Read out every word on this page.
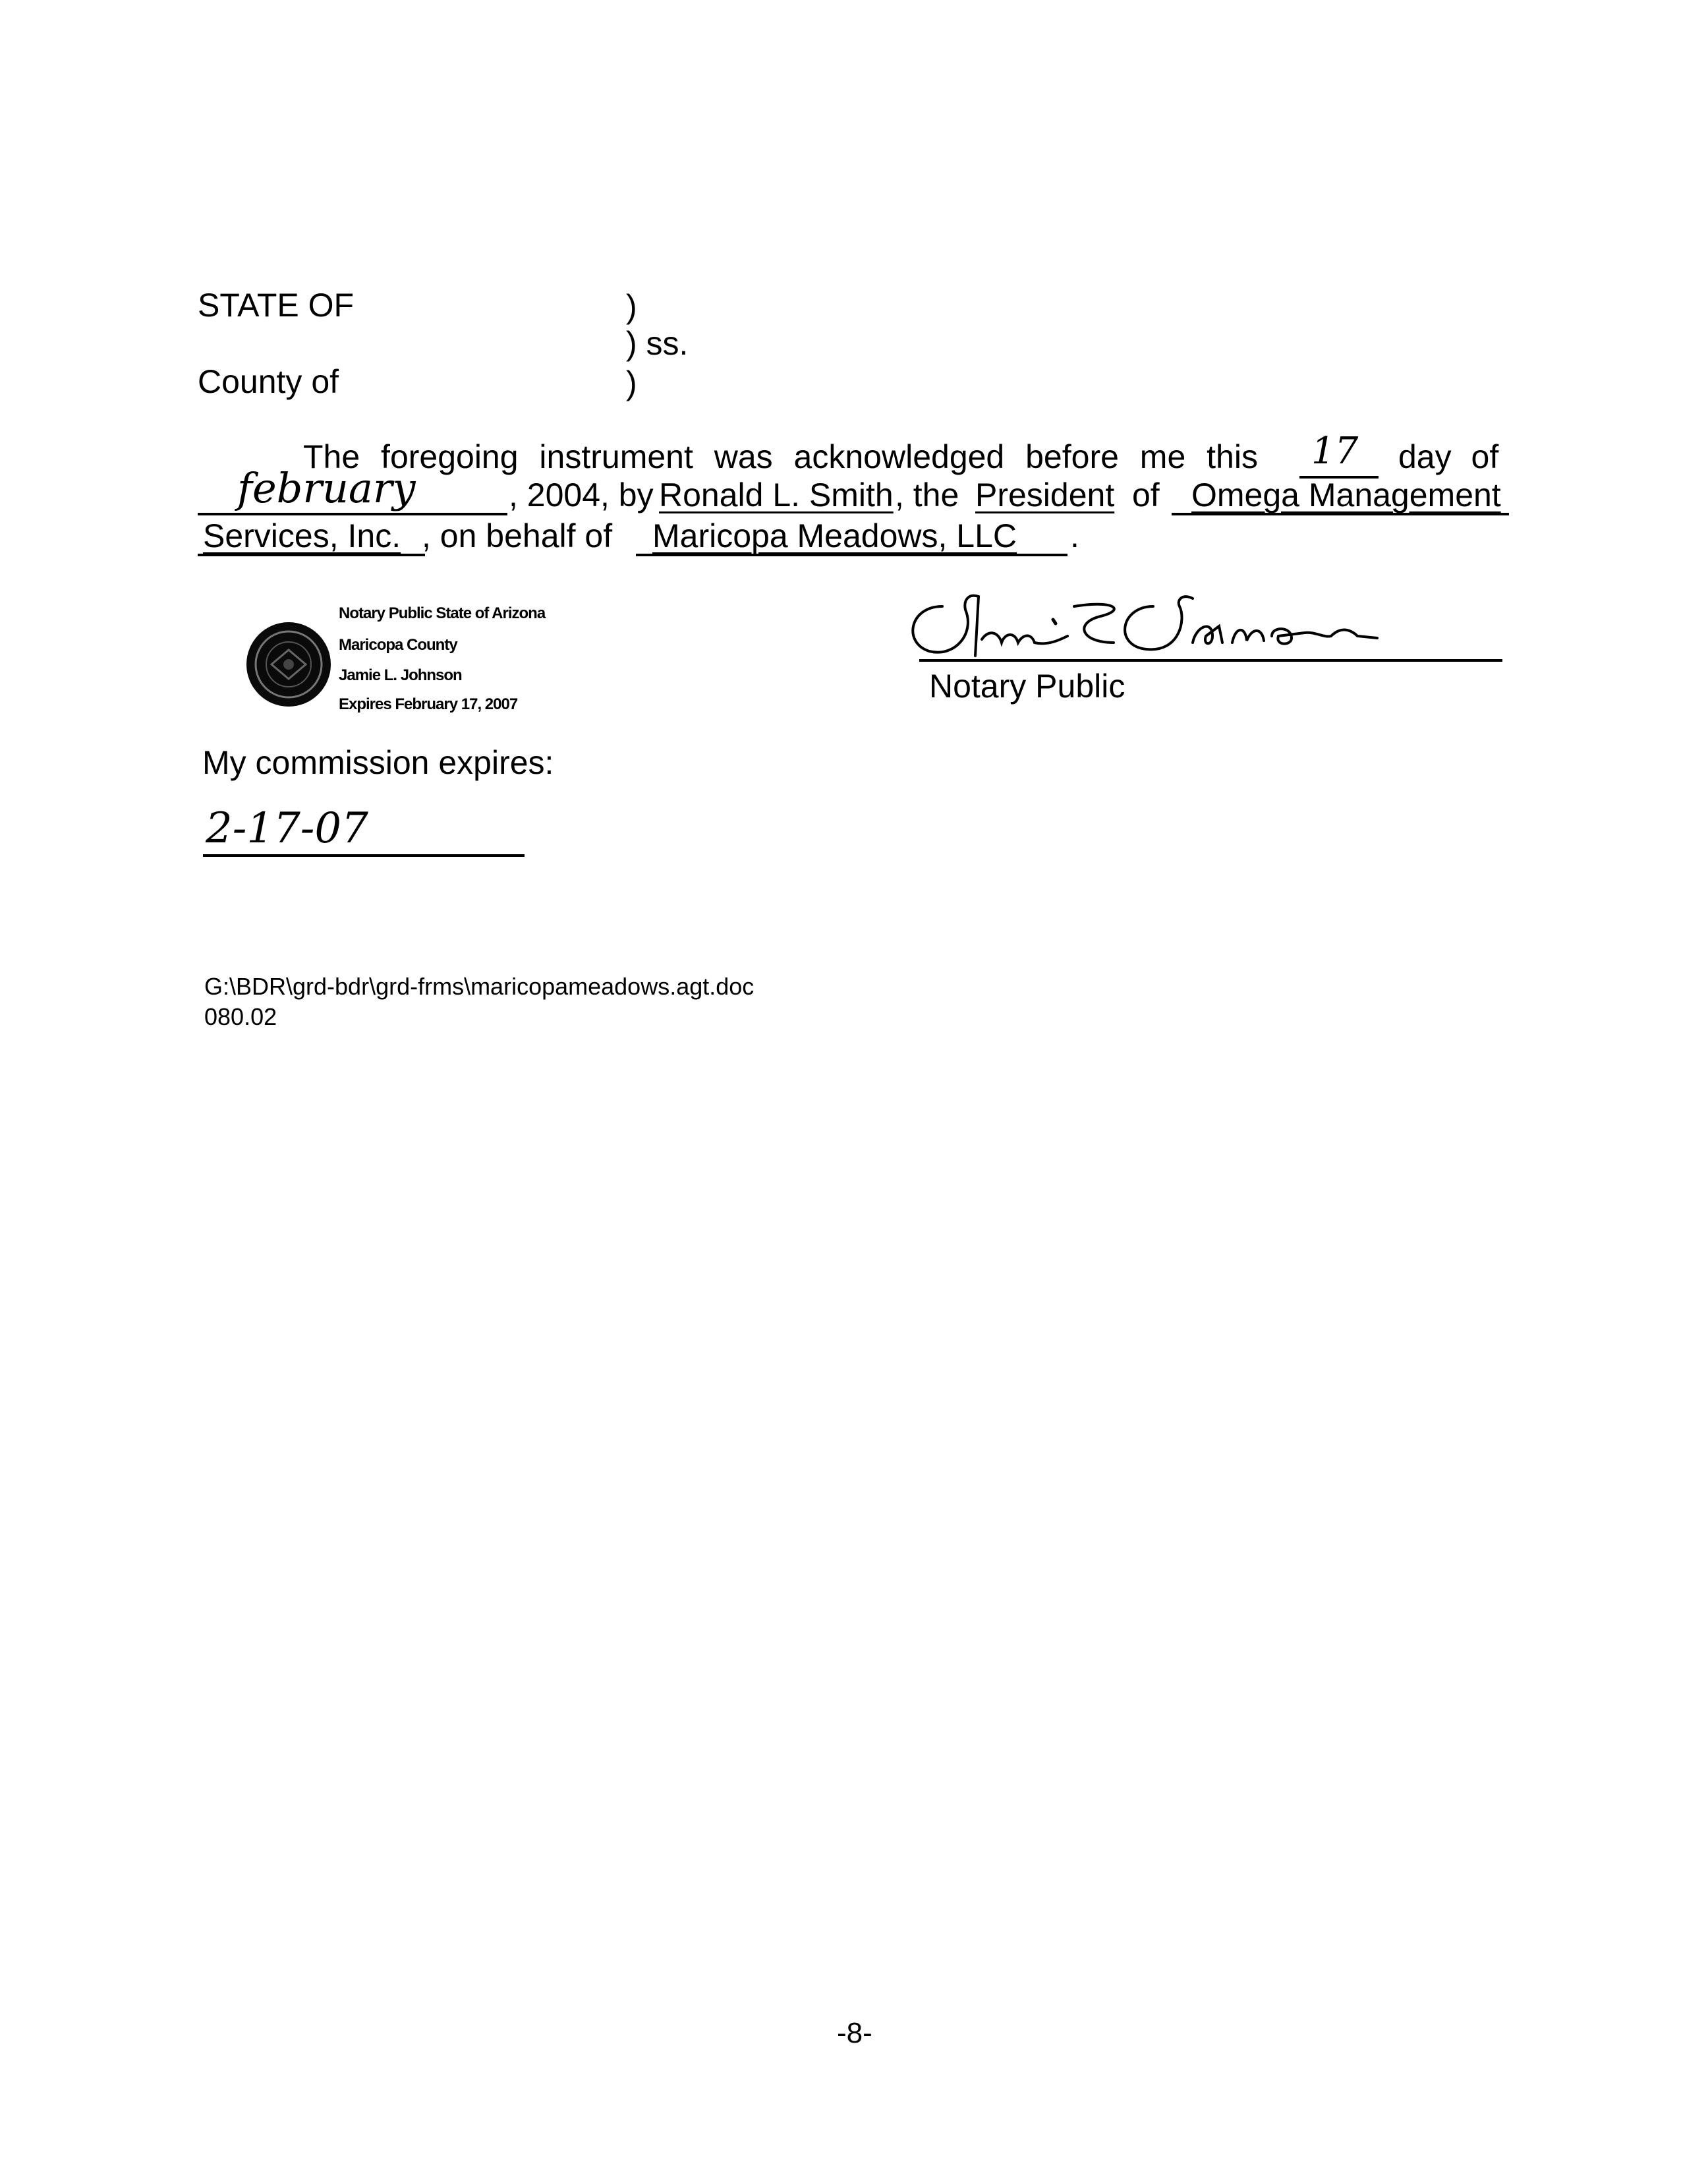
STATE OF	)
) ss.
County of	)
The foregoing instrument was acknowledged before me this 17 day of
february	, 2004, by Ronald L. Smith , the President of Omega Management
Services, Inc. , on behalf of Maricopa Meadows, LLC .
Notary Public State of Arizona
Maricopa County
Jamie L. Johnson
Expires February 17, 2007	Notary Public
My commission expires:
2-17-07
G:\BDR\grd-bdr\grd-frms\maricopameadows.agt.doc
080.02
-8-
